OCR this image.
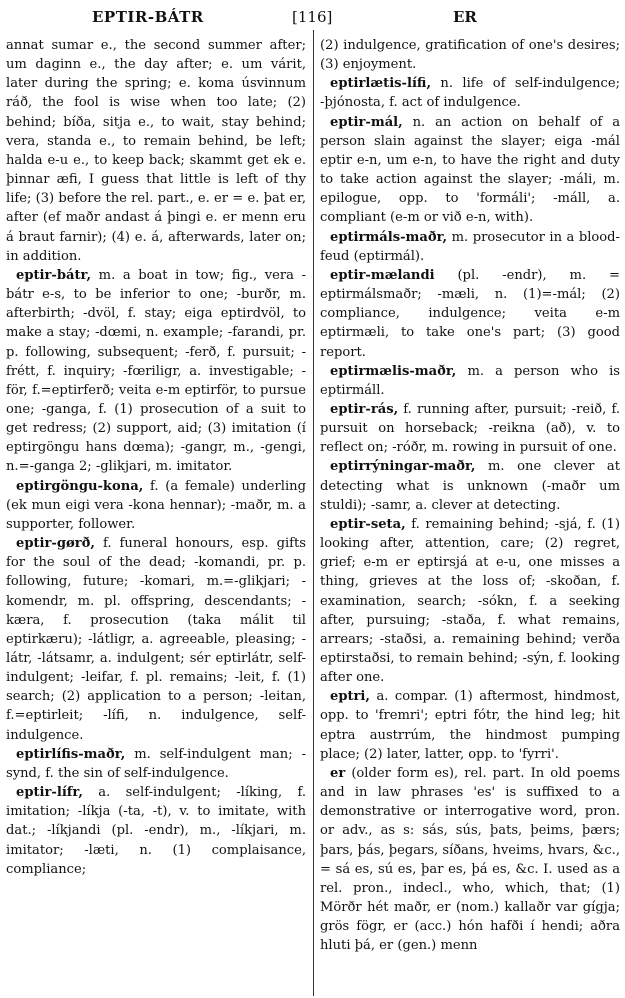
EPTIR-BÁTR	[116]	ER

annat sumar e., the second summer after; um daginn e., the day after; e. um várit, later during the spring; e. koma úsvinnum ráð, the fool is wise when too late; (2) behind; bíða, sitja e., to wait, stay behind; vera, standa e., to remain behind, be left; halda e-u e., to keep back; skammt get ek e. þinnar æfi, I guess that little is left of thy life; (3) before the rel. part., e. er = e. þat er, after (ef maðr andast á þingi e. er menn eru á braut farnir); (4) e. á, afterwards, later on; in addition.

eptir-bátr, m. a boat in tow; fig., vera -bátr e-s, to be inferior to one; -burðr, m. afterbirth; -dvöl, f. stay; eiga eptirdvöl, to make a stay; -dœmi, n. example; -farandi, pr. p. following, subsequent; -ferð, f. pursuit; -frétt, f. inquiry; -fœriligr, a. investigable; -för, f.=eptirferð; veita e-m eptirför, to pursue one; -ganga, f. (1) prosecution of a suit to get redress; (2) support, aid; (3) imitation (í eptirgöngu hans dœma); -gangr, m., -gengi, n.=-ganga 2; -glikjari, m. imitator.

eptirgöngu-kona, f. (a female) underling (ek mun eigi vera -kona hennar); -maðr, m. a supporter, follower.

eptir-gørð, f. funeral honours, esp. gifts for the soul of the dead; -komandi, pr. p. following, future; -komari, m.=-glikjari; -komendr, m. pl. offspring, descendants; -kæra, f. prosecution (taka málit til eptirkæru); -látligr, a. agreeable, pleasing; -látr, -látsamr, a. indulgent; sér eptirlátr, self-indulgent; -leifar, f. pl. remains; -leit, f. (1) search; (2) application to a person; -leitan, f.=eptirleit; -lífi, n. indulgence, self-indulgence.

eptirlífis-maðr, m. self-indulgent man; -synd, f. the sin of self-indulgence.

eptir-lífr, a. self-indulgent; -líking, f. imitation; -líkja (-ta, -t), v. to imitate, with dat.; -líkjandi (pl. -endr), m., -líkjari, m. imitator; -læti, n. (1) complaisance, compliance;

(2) indulgence, gratification of one's desires; (3) enjoyment.

eptirlætis-lífi, n. life of self-indulgence; -þjónosta, f. act of indulgence.

eptir-mál, n. an action on behalf of a person slain against the slayer; eiga -mál eptir e-n, um e-n, to have the right and duty to take action against the slayer; -máli, m. epilogue, opp. to 'formáli'; -máll, a. compliant (e-m or við e-n, with).

eptirmáls-maðr, m. prosecutor in a blood-feud (eptirmál).

eptir-mælandi (pl. -endr), m. = eptirmálsmaðr; -mæli, n. (1)=-mál; (2) compliance, indulgence; veita e-m eptirmæli, to take one's part; (3) good report.

eptirmælis-maðr, m. a person who is eptirmáll.

eptir-rás, f. running after, pursuit; -reið, f. pursuit on horseback; -reikna (að), v. to reflect on; -róðr, m. rowing in pursuit of one.

eptirrýningar-maðr, m. one clever at detecting what is unknown (-maðr um stuldi); -samr, a. clever at detecting.

eptir-seta, f. remaining behind; -sjá, f. (1) looking after, attention, care; (2) regret, grief; e-m er eptirsjá at e-u, one misses a thing, grieves at the loss of; -skoðan, f. examination, search; -sókn, f. a seeking after, pursuing; -staða, f. what remains, arrears; -staðsi, a. remaining behind; verða eptirstaðsi, to remain behind; -sýn, f. looking after one.

eptri, a. compar. (1) aftermost, hindmost, opp. to 'fremri'; eptri fótr, the hind leg; hit eptra austrrúm, the hindmost pumping place; (2) later, latter, opp. to 'fyrri'.

er (older form es), rel. part. In old poems and in law phrases 'es' is suffixed to a demonstrative or interrogative word, pron. or adv., as s: sás, sús, þats, þeims, þærs; þars, þás, þegars, síðans, hveims, hvars, &c., = sá es, sú es, þar es, þá es, &c. I. used as a rel. pron., indecl., who, which, that; (1) Mörðr hét maðr, er (nom.) kallaðr var gígja; grös fögr, er (acc.) hón hafði í hendi; aðra hluti þá, er (gen.) menn
